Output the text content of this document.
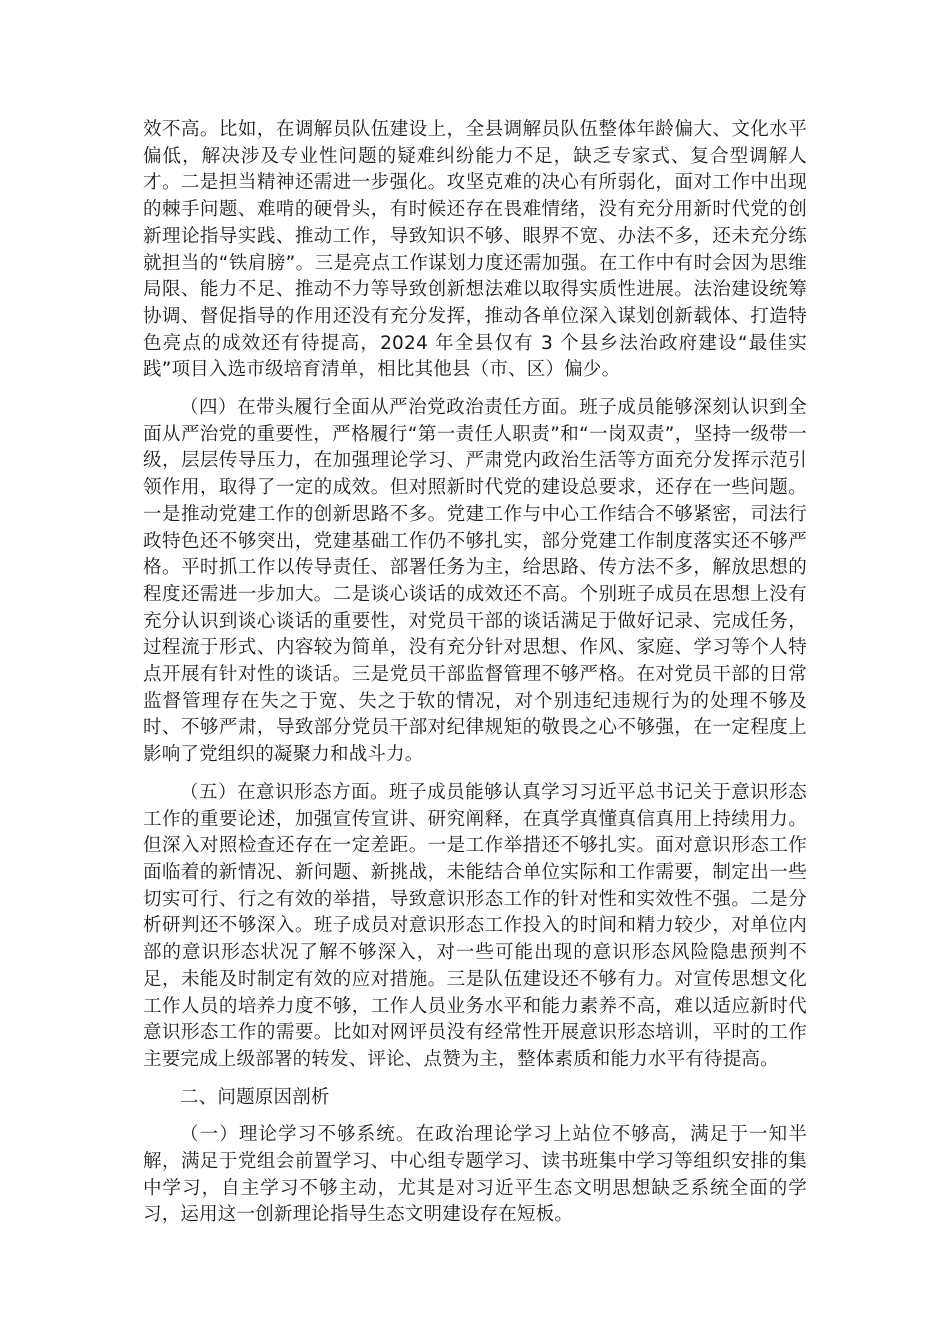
效不高。比如，在调解员队伍建设上，全县调解员队伍整体年龄偏大、文化水平偏低，解决涉及专业性问题的疑难纠纷能力不足，缺乏专家式、复合型调解人才。二是担当精神还需进一步强化。攻坚克难的决心有所弱化，面对工作中出现的棘手问题、难啃的硬骨头，有时候还存在畏难情绪，没有充分用新时代党的创新理论指导实践、推动工作，导致知识不够、眼界不宽、办法不多，还未充分练就担当的“铁肩膀”。三是亮点工作谋划力度还需加强。在工作中有时会因为思维局限、能力不足、推动不力等导致创新想法难以取得实质性进展。法治建设统筹协调、督促指导的作用还没有充分发挥，推动各单位深入谋划创新载体、打造特色亮点的成效还有待提高，2024 年全县仅有 3 个县乡法治政府建设“最佳实践”项目入选市级培育清单，相比其他县（市、区）偏少。

（四）在带头履行全面从严治党政治责任方面。班子成员能够深刻认识到全面从严治党的重要性，严格履行“第一责任人职责”和“一岗双责”，坚持一级带一级，层层传导压力，在加强理论学习、严肃党内政治生活等方面充分发挥示范引领作用，取得了一定的成效。但对照新时代党的建设总要求，还存在一些问题。一是推动党建工作的创新思路不多。党建工作与中心工作结合不够紧密，司法行政特色还不够突出，党建基础工作仍不够扎实，部分党建工作制度落实还不够严格。平时抓工作以传导责任、部署任务为主，给思路、传方法不多，解放思想的程度还需进一步加大。二是谈心谈话的成效还不高。个别班子成员在思想上没有充分认识到谈心谈话的重要性，对党员干部的谈话满足于做好记录、完成任务，过程流于形式、内容较为简单，没有充分针对思想、作风、家庭、学习等个人特点开展有针对性的谈话。三是党员干部监督管理不够严格。在对党员干部的日常监督管理存在失之于宽、失之于软的情况，对个别违纪违规行为的处理不够及时、不够严肃，导致部分党员干部对纪律规矩的敬畏之心不够强，在一定程度上影响了党组织的凝聚力和战斗力。

（五）在意识形态方面。班子成员能够认真学习习近平总书记关于意识形态工作的重要论述，加强宣传宣讲、研究阐释，在真学真懂真信真用上持续用力。但深入对照检查还存在一定差距。一是工作举措还不够扎实。面对意识形态工作面临着的新情况、新问题、新挑战，未能结合单位实际和工作需要，制定出一些切实可行、行之有效的举措，导致意识形态工作的针对性和实效性不强。二是分析研判还不够深入。班子成员对意识形态工作投入的时间和精力较少，对单位内部的意识形态状况了解不够深入，对一些可能出现的意识形态风险隐患预判不足，未能及时制定有效的应对措施。三是队伍建设还不够有力。对宣传思想文化工作人员的培养力度不够，工作人员业务水平和能力素养不高，难以适应新时代意识形态工作的需要。比如对网评员没有经常性开展意识形态培训，平时的工作主要完成上级部署的转发、评论、点赞为主，整体素质和能力水平有待提高。

二、问题原因剖析

（一）理论学习不够系统。在政治理论学习上站位不够高，满足于一知半解，满足于党组会前置学习、中心组专题学习、读书班集中学习等组织安排的集中学习，自主学习不够主动，尤其是对习近平生态文明思想缺乏系统全面的学习，运用这一创新理论指导生态文明建设存在短板。
